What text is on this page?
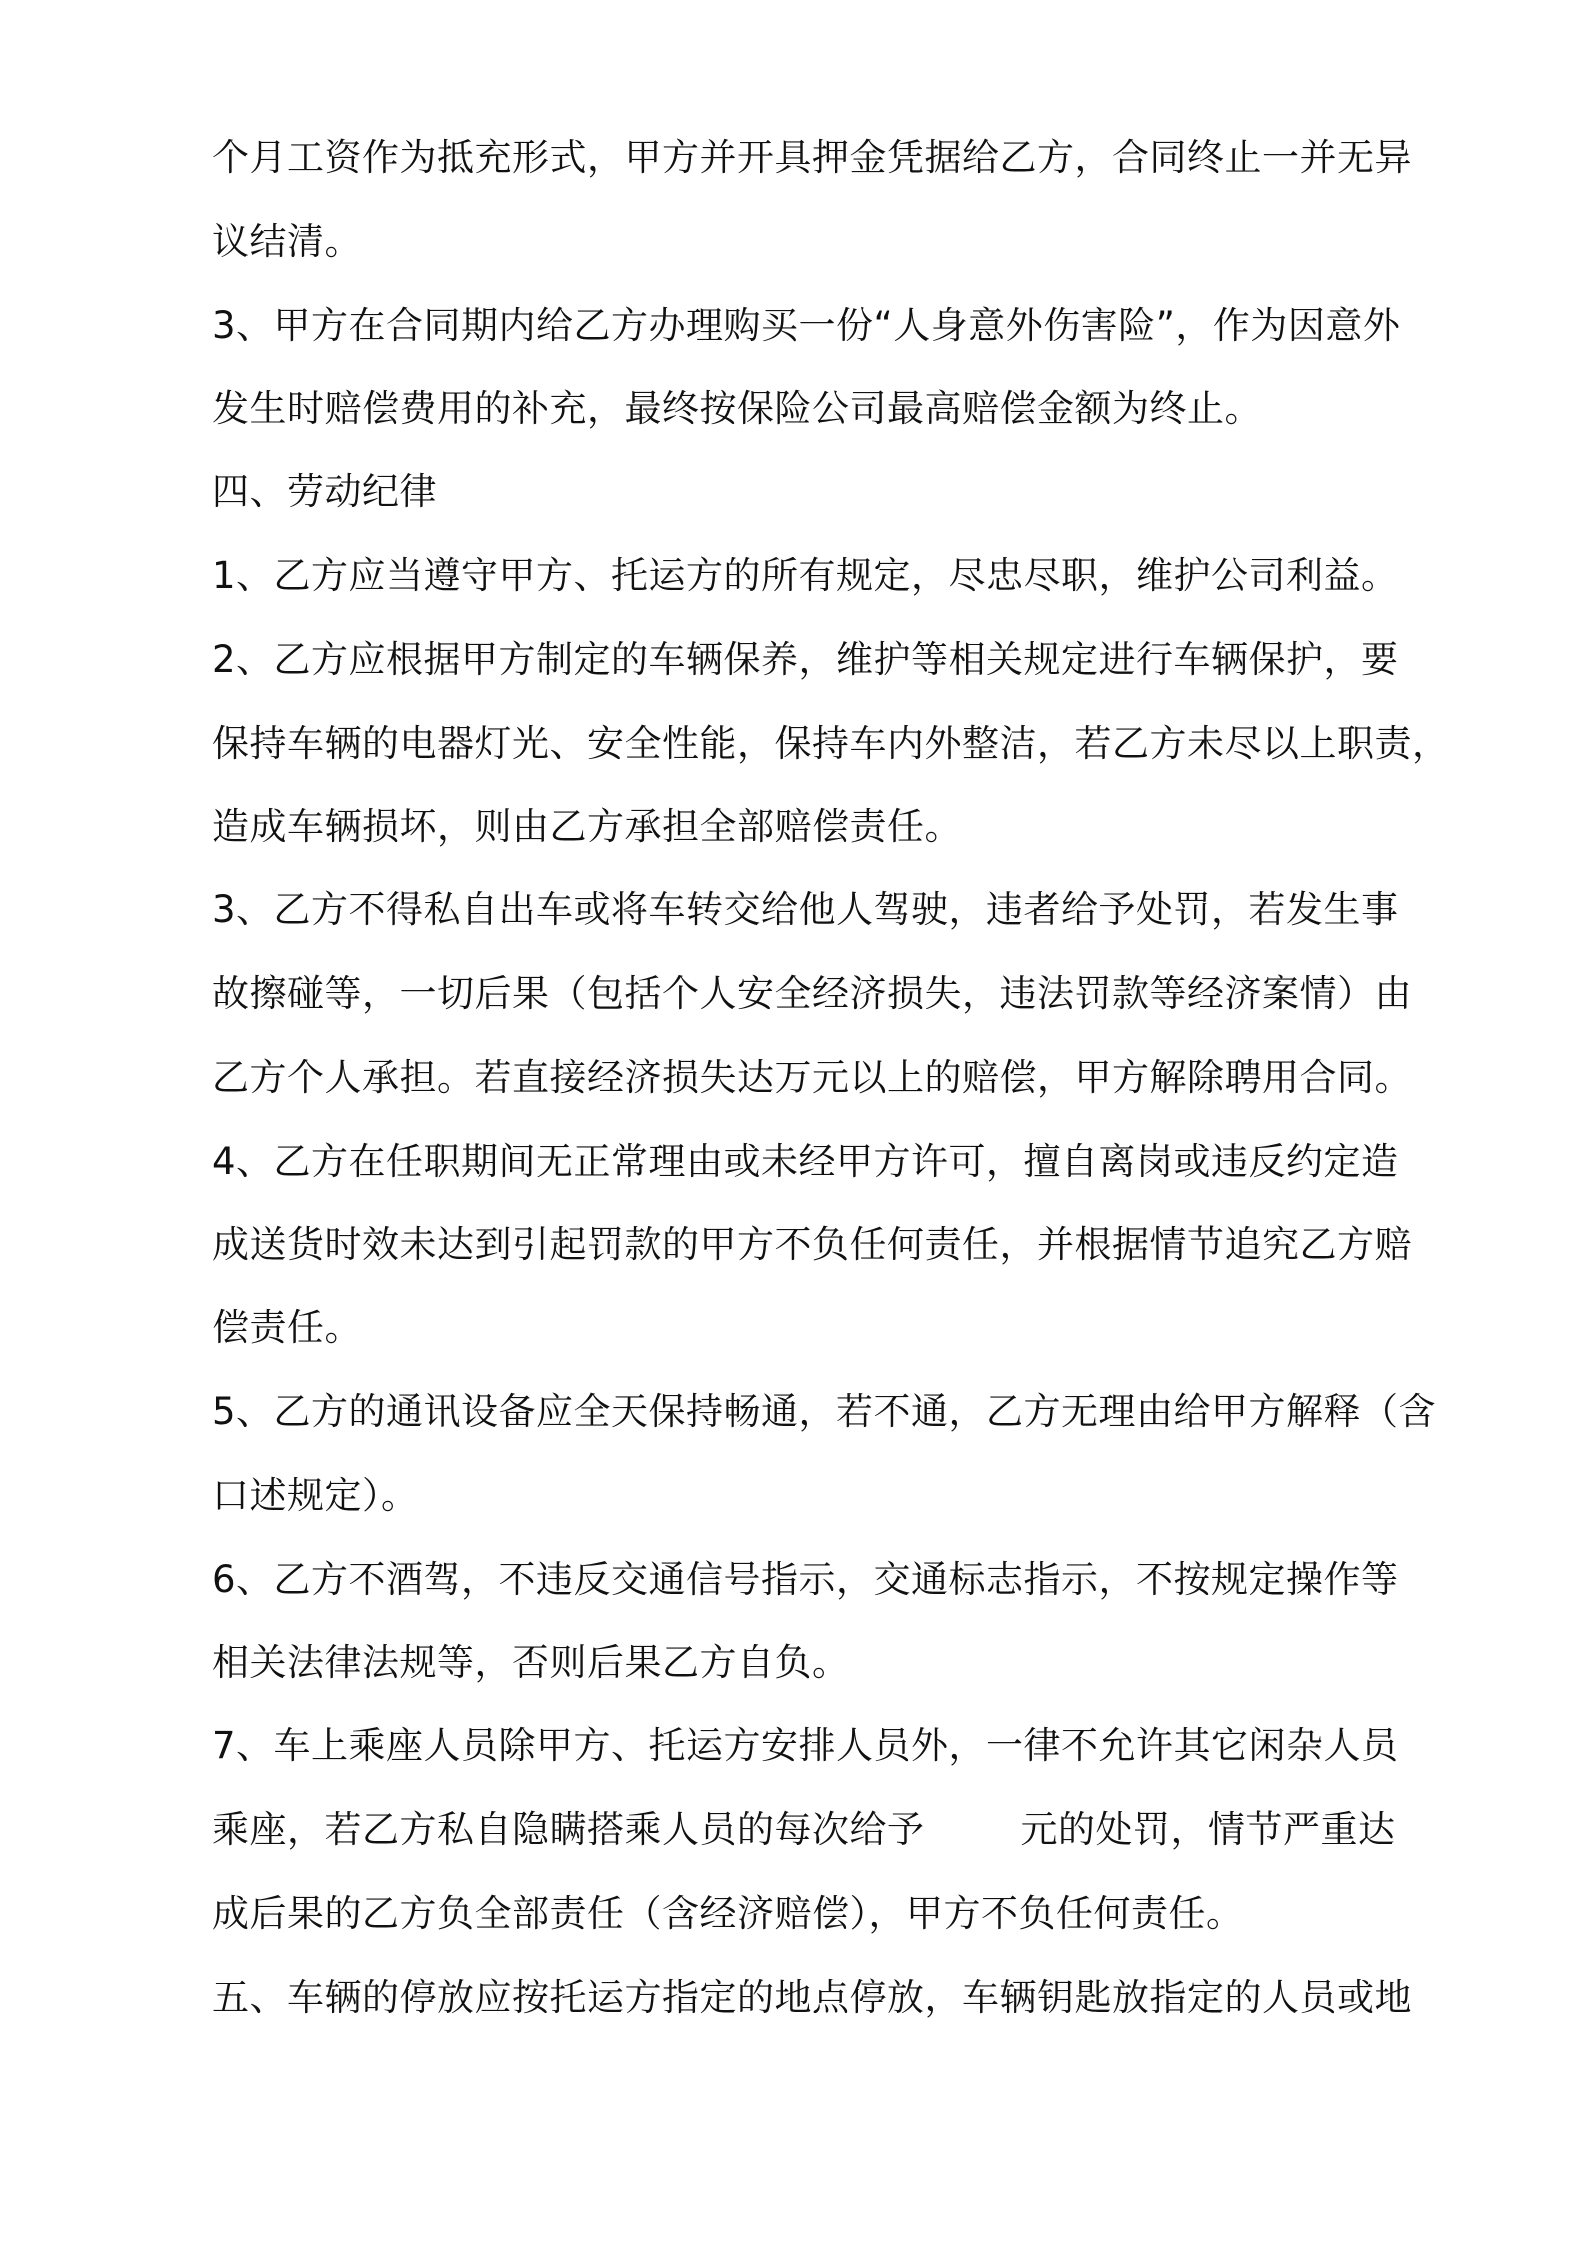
个月工资作为抵充形式，甲方并开具押金凭据给乙方，合同终止一并无异
议结清。
3、甲方在合同期内给乙方办理购买一份“人身意外伤害险”，作为因意外
发生时赔偿费用的补充，最终按保险公司最高赔偿金额为终止。
四、劳动纪律
1、乙方应当遵守甲方、托运方的所有规定，尽忠尽职，维护公司利益。
2、乙方应根据甲方制定的车辆保养，维护等相关规定进行车辆保护，要
保持车辆的电器灯光、安全性能，保持车内外整洁，若乙方未尽以上职责，
造成车辆损坏，则由乙方承担全部赔偿责任。
3、乙方不得私自出车或将车转交给他人驾驶，违者给予处罚，若发生事
故擦碰等，一切后果（包括个人安全经济损失，违法罚款等经济案情）由
乙方个人承担。若直接经济损失达万元以上的赔偿，甲方解除聘用合同。
4、乙方在任职期间无正常理由或未经甲方许可，擅自离岗或违反约定造
成送货时效未达到引起罚款的甲方不负任何责任，并根据情节追究乙方赔
偿责任。
5、乙方的通讯设备应全天保持畅通，若不通，乙方无理由给甲方解释（含
口述规定）。
6、乙方不酒驾，不违反交通信号指示，交通标志指示，不按规定操作等
相关法律法规等，否则后果乙方自负。
7、车上乘座人员除甲方、托运方安排人员外，一律不允许其它闲杂人员
乘座，若乙方私自隐瞒搭乘人员的每次给予	元的处罚，情节严重达
成后果的乙方负全部责任（含经济赔偿），甲方不负任何责任。
五、车辆的停放应按托运方指定的地点停放，车辆钥匙放指定的人员或地
